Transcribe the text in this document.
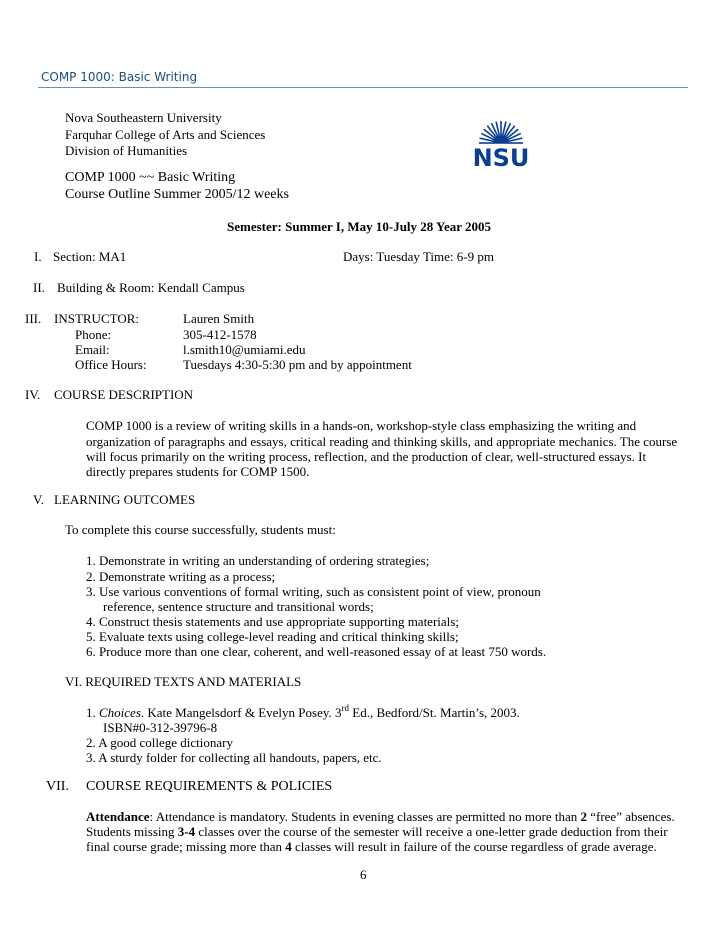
COMP 1000: Basic Writing
NSU
Nova Southeastern University
Farquhar College of Arts and Sciences
Division of Humanities
COMP 1000 ~~ Basic Writing
Course Outline Summer 2005/12 weeks
Semester: Summer I, May 10-July 28 Year 2005
I. Section: MA1	Days: Tuesday Time: 6-9 pm
II. Building & Room: Kendall Campus
III. INSTRUCTOR:	Lauren Smith
Phone:	305-412-1578
Email:	l.smith10@umiami.edu
Office Hours:	Tuesdays 4:30-5:30 pm and by appointment
IV. COURSE DESCRIPTION
COMP 1000 is a review of writing skills in a hands-on, workshop-style class emphasizing the writing and
organization of paragraphs and essays, critical reading and thinking skills, and appropriate mechanics. The course
will focus primarily on the writing process, reflection, and the production of clear, well-structured essays. It
directly prepares students for COMP 1500.
V. LEARNING OUTCOMES
To complete this course successfully, students must:
1. Demonstrate in writing an understanding of ordering strategies;
2. Demonstrate writing as a process;
3. Use various conventions of formal writing, such as consistent point of view, pronoun
reference, sentence structure and transitional words;
4. Construct thesis statements and use appropriate supporting materials;
5. Evaluate texts using college-level reading and critical thinking skills;
6. Produce more than one clear, coherent, and well-reasoned essay of at least 750 words.
VI. REQUIRED TEXTS AND MATERIALS
1. Choices. Kate Mangelsdorf & Evelyn Posey. 3rd Ed., Bedford/St. Martin’s, 2003.
ISBN#0-312-39796-8
2. A good college dictionary
3. A sturdy folder for collecting all handouts, papers, etc.
VII. COURSE REQUIREMENTS & POLICIES
Attendance: Attendance is mandatory. Students in evening classes are permitted no more than 2 “free” absences.
Students missing 3-4 classes over the course of the semester will receive a one-letter grade deduction from their
final course grade; missing more than 4 classes will result in failure of the course regardless of grade average.
6
